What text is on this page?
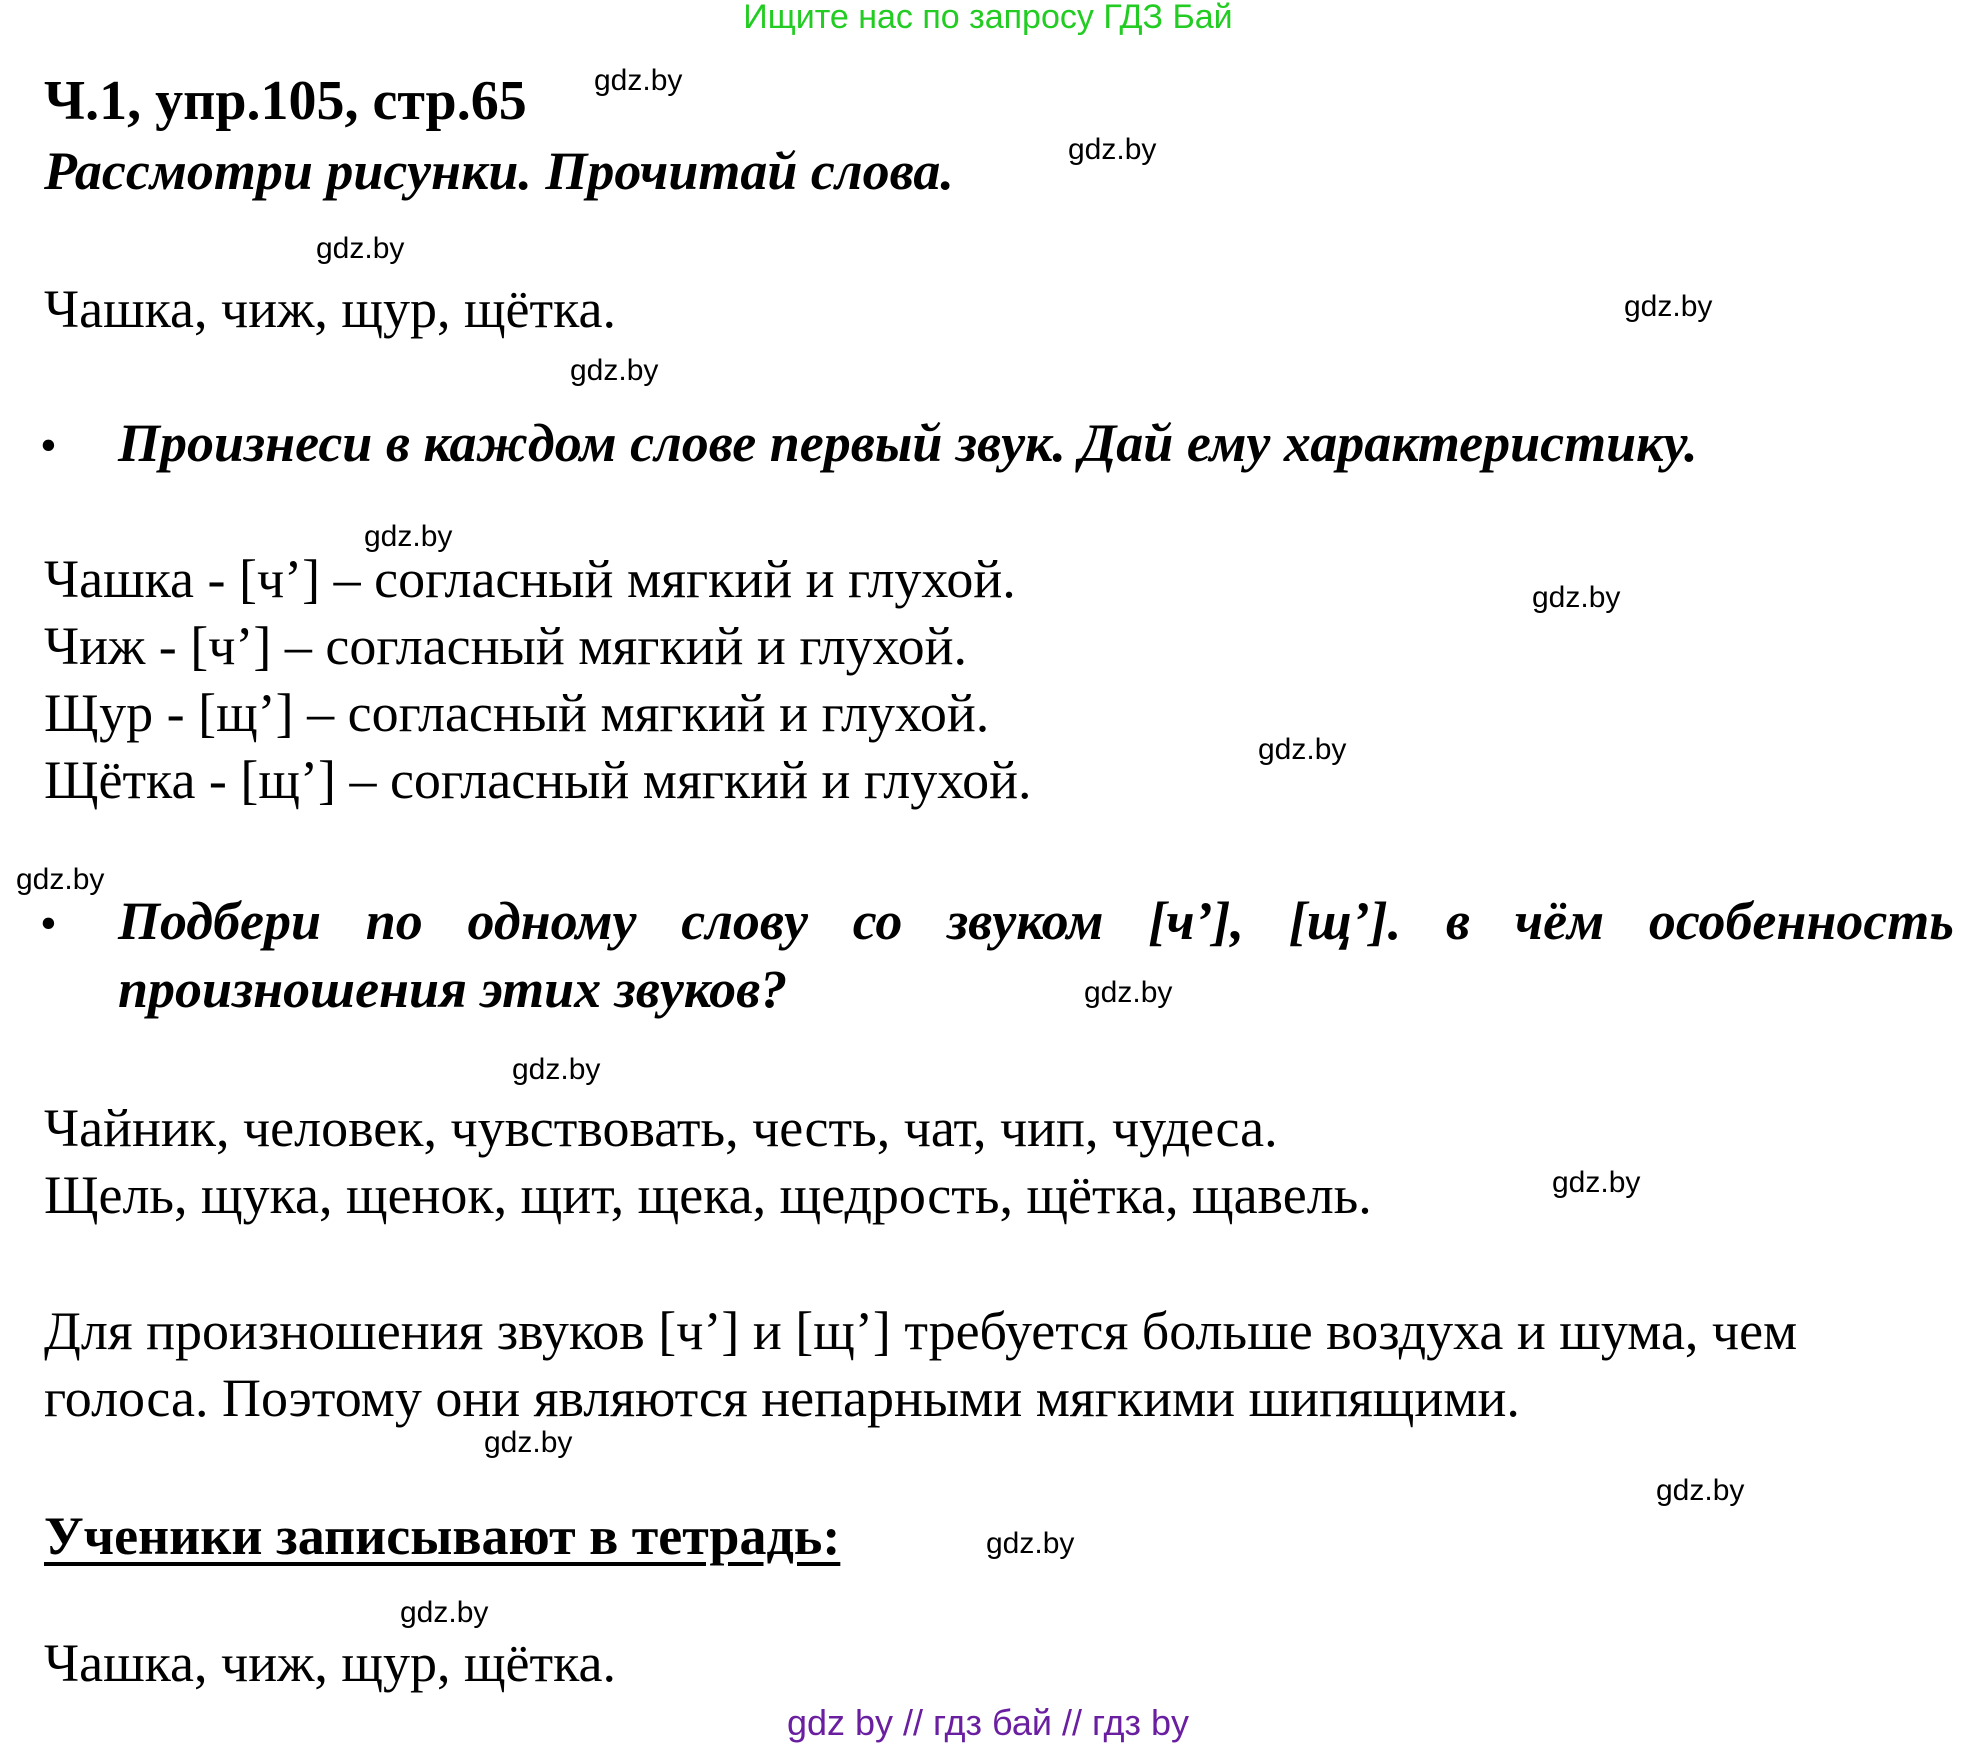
Ищите нас по запросу ГДЗ Бай
Ч.1, упр.105, стр.65
Рассмотри рисунки. Прочитай слова.
Чашка, чиж, щур, щётка.
• Произнеси в каждом слове первый звук. Дай ему характеристику.
Чашка - [ч’] – согласный мягкий и глухой.
Чиж - [ч’] – согласный мягкий и глухой.
Щур - [щ’] – согласный мягкий и глухой.
Щётка - [щ’] – согласный мягкий и глухой.
• Подбери по одному слову со звуком [ч’], [щ’]. в чём особенность
произношения этих звуков?
Чайник, человек, чувствовать, честь, чат, чип, чудеса.
Щель, щука, щенок, щит, щека, щедрость, щётка, щавель.
Для произношения звуков [ч’] и [щ’] требуется больше воздуха и шума, чем
голоса. Поэтому они являются непарными мягкими шипящими.
Ученики записывают в тетрадь:
Чашка, чиж, щур, щётка.
gdz.by
gdz.by
gdz.by
gdz.by
gdz.by
gdz.by
gdz.by
gdz.by
gdz.by
gdz.by
gdz.by
gdz.by
gdz.by
gdz.by
gdz.by
gdz.by
gdz by // гдз бай // гдз by
